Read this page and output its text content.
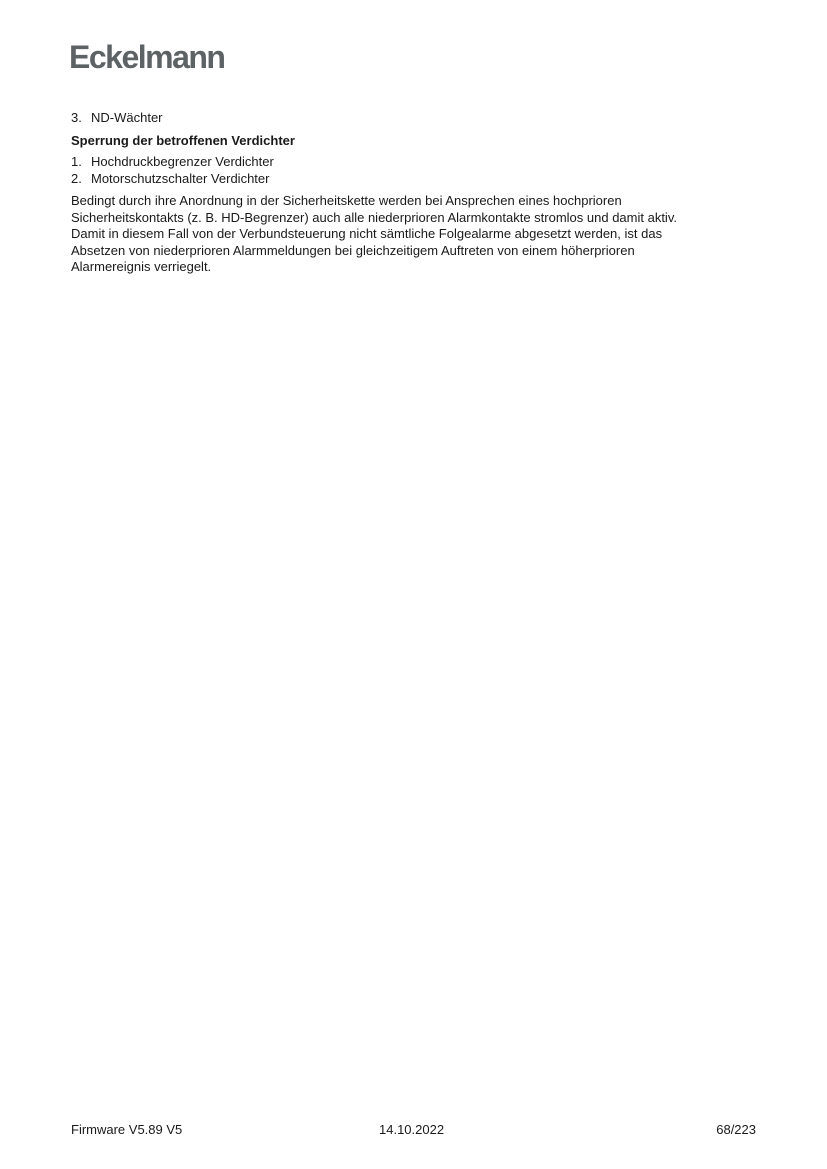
Eckelmann
3. ND-Wächter
Sperrung der betroffenen Verdichter
1. Hochdruckbegrenzer Verdichter
2. Motorschutzschalter Verdichter

Bedingt durch ihre Anordnung in der Sicherheitskette werden bei Ansprechen eines hochprioren
Sicherheitskontakts (z. B. HD-Begrenzer) auch alle niederprioren Alarmkontakte stromlos und damit aktiv.
Damit in diesem Fall von der Verbundsteuerung nicht sämtliche Folgealarme abgesetzt werden, ist das
Absetzen von niederprioren Alarmmeldungen bei gleichzeitigem Auftreten von einem höherprioren
Alarmereignis verriegelt.

Firmware V5.89 V5	14.10.2022	68/223
